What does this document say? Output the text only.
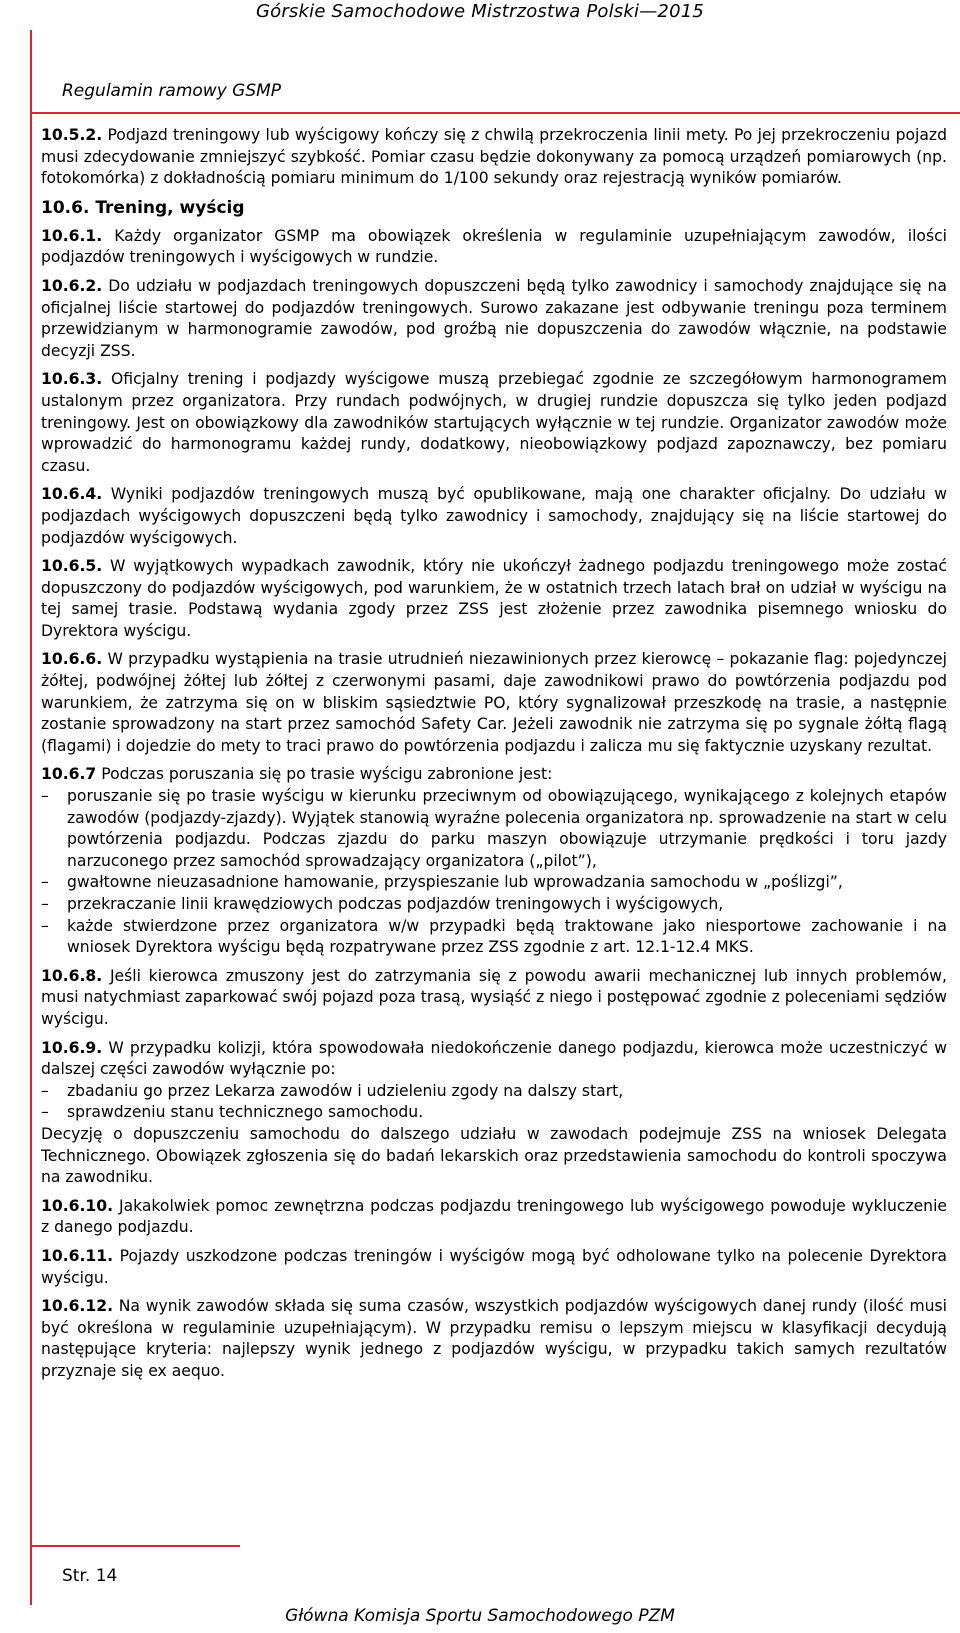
Górskie Samochodowe Mistrzostwa Polski—2015
Regulamin ramowy GSMP

10.5.2. Podjazd treningowy lub wyścigowy kończy się z chwilą przekroczenia linii mety. Po jej przekroczeniu pojazd musi zdecydowanie zmniejszyć szybkość. Pomiar czasu będzie dokonywany za pomocą urządzeń pomiarowych (np. fotokomórka) z dokładnością pomiaru minimum do 1/100 sekundy oraz rejestracją wyników pomiarów.

10.6. Trening, wyścig

10.6.1. Każdy organizator GSMP ma obowiązek określenia w regulaminie uzupełniającym zawodów, ilości podjazdów treningowych i wyścigowych w rundzie.

10.6.2. Do udziału w podjazdach treningowych dopuszczeni będą tylko zawodnicy i samochody znajdujące się na oficjalnej liście startowej do podjazdów treningowych. Surowo zakazane jest odbywanie treningu poza terminem przewidzianym w harmonogramie zawodów, pod groźbą nie dopuszczenia do zawodów włącznie, na podstawie decyzji ZSS.

10.6.3. Oficjalny trening i podjazdy wyścigowe muszą przebiegać zgodnie ze szczegółowym harmonogramem ustalonym przez organizatora. Przy rundach podwójnych, w drugiej rundzie dopuszcza się tylko jeden podjazd treningowy. Jest on obowiązkowy dla zawodników startujących wyłącznie w tej rundzie. Organizator zawodów może wprowadzić do harmonogramu każdej rundy, dodatkowy, nieobowiązkowy podjazd zapoznawczy, bez pomiaru czasu.

10.6.4. Wyniki podjazdów treningowych muszą być opublikowane, mają one charakter oficjalny. Do udziału w podjazdach wyścigowych dopuszczeni będą tylko zawodnicy i samochody, znajdujący się na liście startowej do podjazdów wyścigowych.

10.6.5. W wyjątkowych wypadkach zawodnik, który nie ukończył żadnego podjazdu treningowego może zostać dopuszczony do podjazdów wyścigowych, pod warunkiem, że w ostatnich trzech latach brał on udział w wyścigu na tej samej trasie. Podstawą wydania zgody przez ZSS jest złożenie przez zawodnika pisemnego wniosku do Dyrektora wyścigu.

10.6.6. W przypadku wystąpienia na trasie utrudnień niezawinionych przez kierowcę – pokazanie flag: pojedynczej żółtej, podwójnej żółtej lub żółtej z czerwonymi pasami, daje zawodnikowi prawo do powtórzenia podjazdu pod warunkiem, że zatrzyma się on w bliskim sąsiedztwie PO, który sygnalizował przeszkodę na trasie, a następnie zostanie sprowadzony na start przez samochód Safety Car. Jeżeli zawodnik nie zatrzyma się po sygnale żółtą flagą (flagami) i dojedzie do mety to traci prawo do powtórzenia podjazdu i zalicza mu się faktycznie uzyskany rezultat.

10.6.7 Podczas poruszania się po trasie wyścigu zabronione jest:

– poruszanie się po trasie wyścigu w kierunku przeciwnym od obowiązującego, wynikającego z kolejnych etapów zawodów (podjazdy-zjazdy). Wyjątek stanowią wyraźne polecenia organizatora np. sprowadzenie na start w celu powtórzenia podjazdu. Podczas zjazdu do parku maszyn obowiązuje utrzymanie prędkości i toru jazdy narzuconego przez samochód sprowadzający organizatora („pilot”),
– gwałtowne nieuzasadnione hamowanie, przyspieszanie lub wprowadzania samochodu w „poślizgi”,
– przekraczanie linii krawędziowych podczas podjazdów treningowych i wyścigowych,
– każde stwierdzone przez organizatora w/w przypadki będą traktowane jako niesportowe zachowanie i na wniosek Dyrektora wyścigu będą rozpatrywane przez ZSS zgodnie z art. 12.1-12.4 MKS.

10.6.8. Jeśli kierowca zmuszony jest do zatrzymania się z powodu awarii mechanicznej lub innych problemów, musi natychmiast zaparkować swój pojazd poza trasą, wysiąść z niego i postępować zgodnie z poleceniami sędziów wyścigu.

10.6.9. W przypadku kolizji, która spowodowała niedokończenie danego podjazdu, kierowca może uczestniczyć w dalszej części zawodów wyłącznie po:

– zbadaniu go przez Lekarza zawodów i udzieleniu zgody na dalszy start,
– sprawdzeniu stanu technicznego samochodu.

Decyzję o dopuszczeniu samochodu do dalszego udziału w zawodach podejmuje ZSS na wniosek Delegata Technicznego. Obowiązek zgłoszenia się do badań lekarskich oraz przedstawienia samochodu do kontroli spoczywa na zawodniku.

10.6.10. Jakakolwiek pomoc zewnętrzna podczas podjazdu treningowego lub wyścigowego powoduje wykluczenie z danego podjazdu.

10.6.11. Pojazdy uszkodzone podczas treningów i wyścigów mogą być odholowane tylko na polecenie Dyrektora wyścigu.

10.6.12. Na wynik zawodów składa się suma czasów, wszystkich podjazdów wyścigowych danej rundy (ilość musi być określona w regulaminie uzupełniającym). W przypadku remisu o lepszym miejscu w klasyfikacji decydują następujące kryteria: najlepszy wynik jednego z podjazdów wyścigu, w przypadku takich samych rezultatów przyznaje się ex aequo.

Str. 14
Główna Komisja Sportu Samochodowego PZM
